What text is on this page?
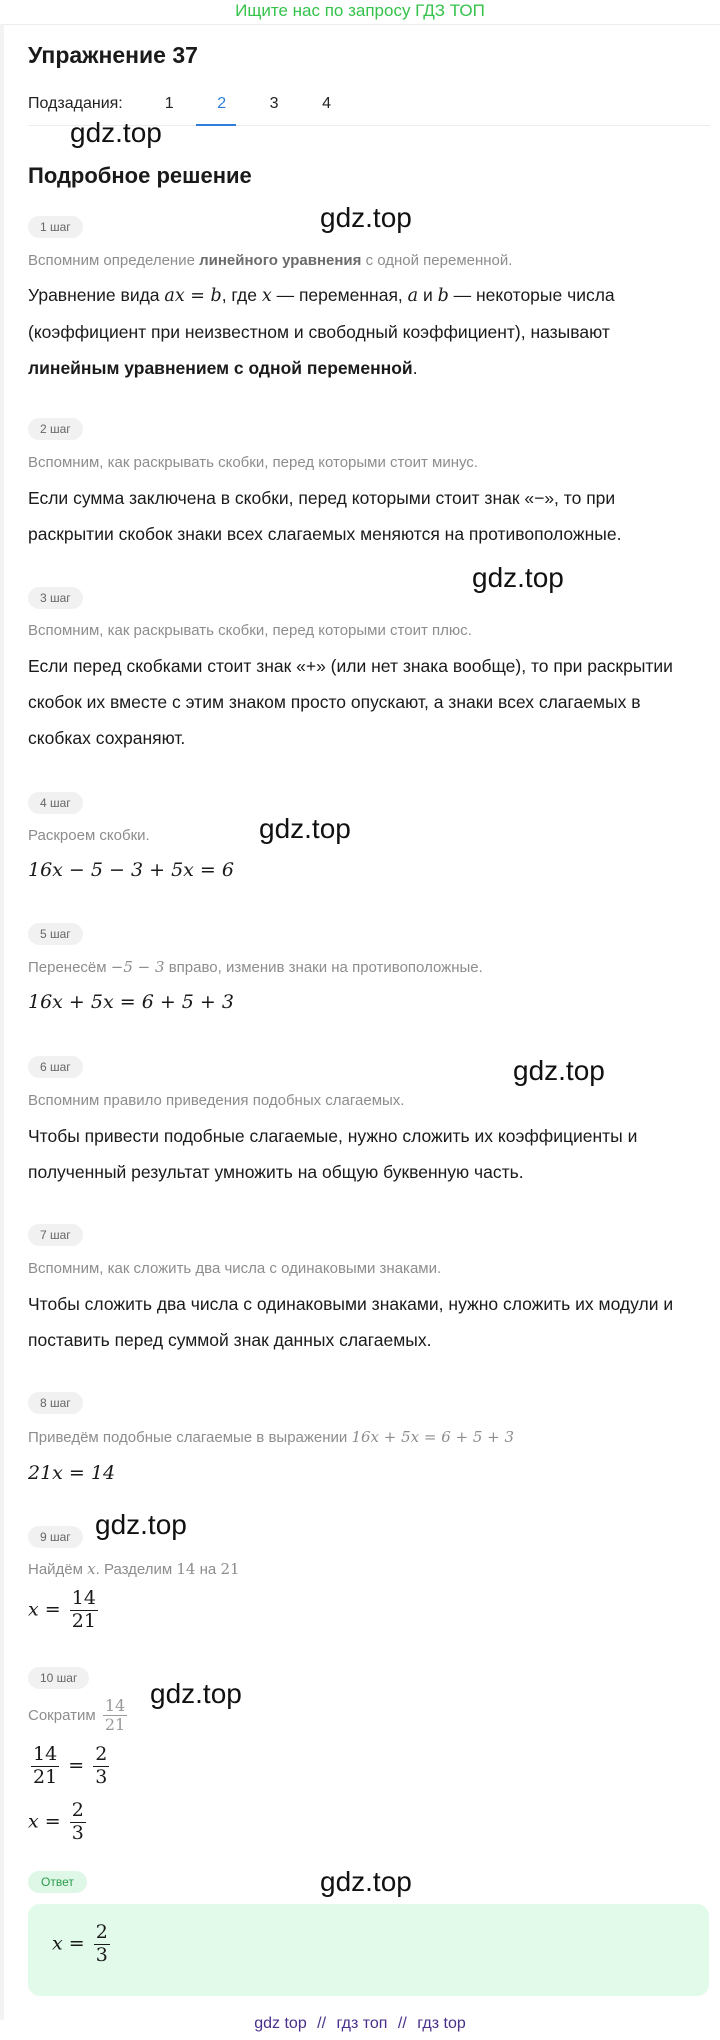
Ищите нас по запросу ГДЗ ТОП
Упражнение 37
Подзадания:	1	2	3	4
gdz.top
gdz.top
gdz.top
gdz.top
gdz.top
gdz.top
gdz.top
gdz.top
Подробное решение
1 шаг
Вспомним определение линейного уравнения с одной переменной.
Уравнение вида ax = b, где x — переменная, a и b — некоторые числа (коэффициент при неизвестном и свободный коэффициент), называют линейным уравнением с одной переменной.
2 шаг
Вспомним, как раскрывать скобки, перед которыми стоит минус.
Если сумма заключена в скобки, перед которыми стоит знак «−», то при раскрытии скобок знаки всех слагаемых меняются на противоположные.
3 шаг
Вспомним, как раскрывать скобки, перед которыми стоит плюс.
Если перед скобками стоит знак «+» (или нет знака вообще), то при раскрытии скобок их вместе с этим знаком просто опускают, а знаки всех слагаемых в скобках сохраняют.
4 шаг
Раскроем скобки.
16x − 5 − 3 + 5x = 6
5 шаг
Перенесём −5 − 3 вправо, изменив знаки на противоположные.
16x + 5x = 6 + 5 + 3
6 шаг
Вспомним правило приведения подобных слагаемых.
Чтобы привести подобные слагаемые, нужно сложить их коэффициенты и полученный результат умножить на общую буквенную часть.
7 шаг
Вспомним, как сложить два числа с одинаковыми знаками.
Чтобы сложить два числа с одинаковыми знаками, нужно сложить их модули и поставить перед суммой знак данных слагаемых.
8 шаг
Приведём подобные слагаемые в выражении 16x + 5x = 6 + 5 + 3
21x = 14
9 шаг
Найдём x. Разделим 14 на 21
$x = \frac{14}{21}$
10 шаг
Сократим $\frac{14}{21}$
$\frac{14}{21} = \frac{2}{3}$
$x = \frac{2}{3}$
Ответ
$x = \frac{2}{3}$
gdz top // гдз топ // гдз top
